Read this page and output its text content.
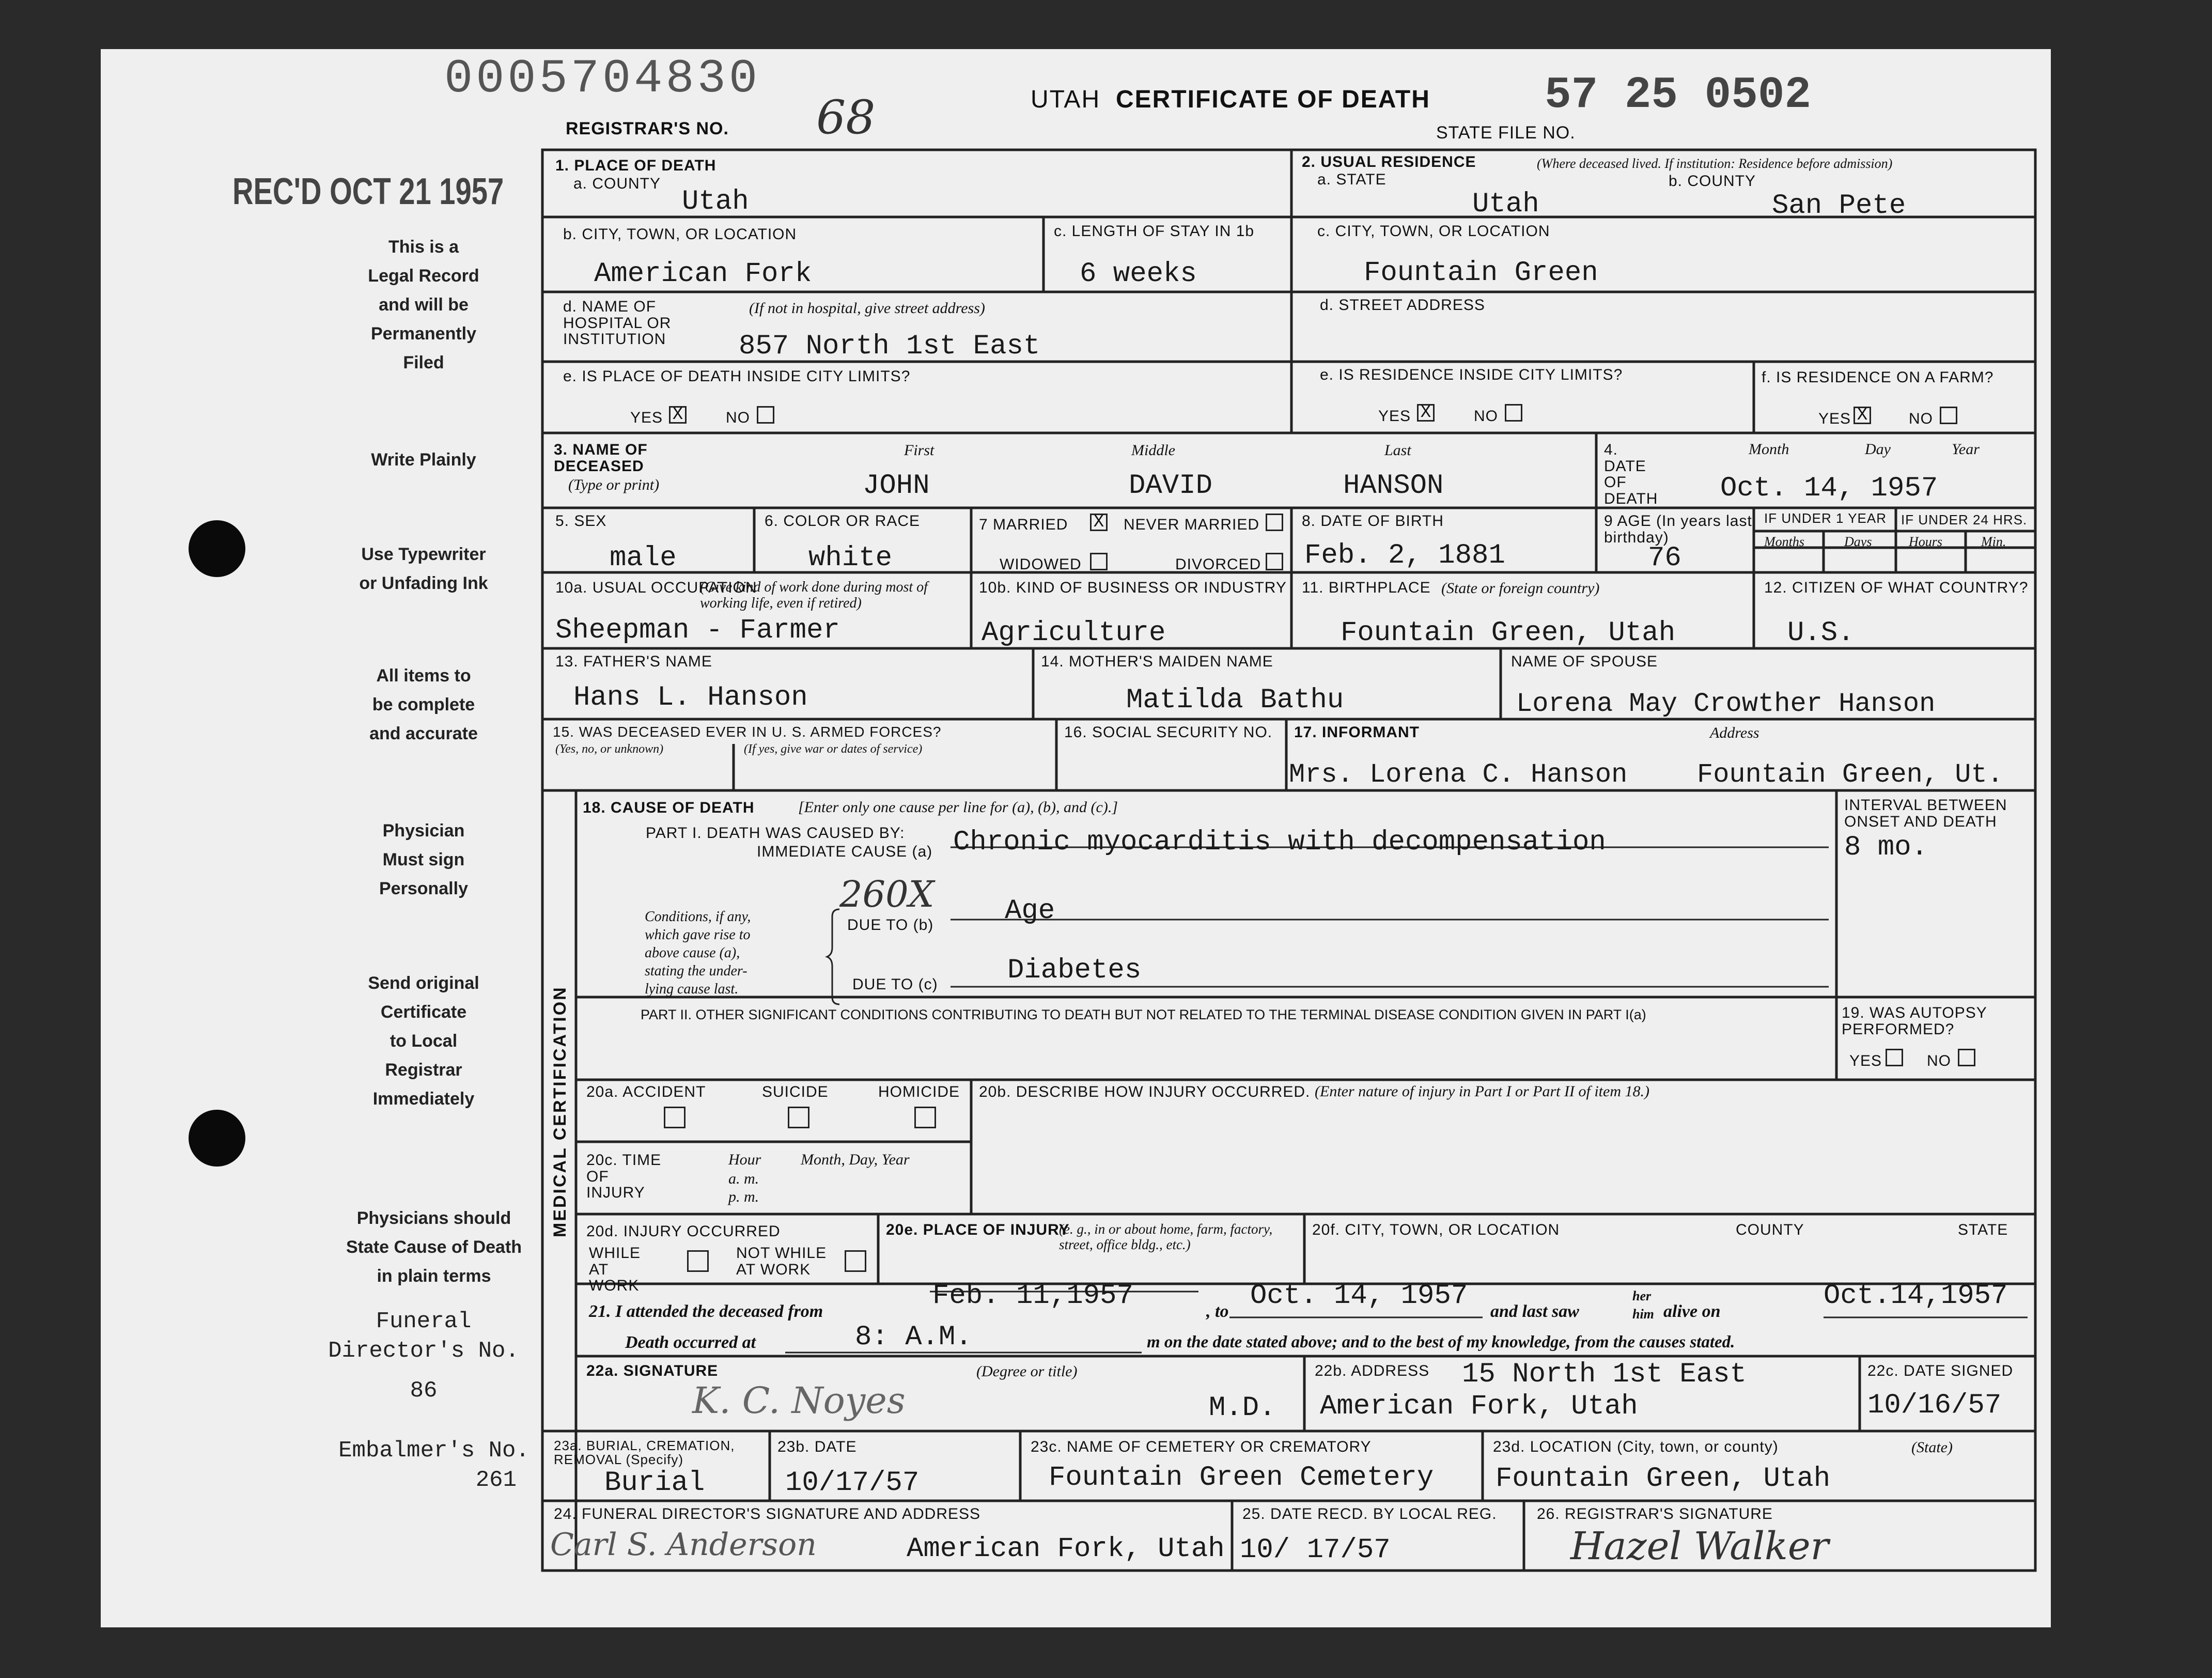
0005704830
REGISTRAR'S NO. 68	UTAH CERTIFICATE OF DEATH	57 25 0502
STATE FILE NO.
REC'D OCT 21 1957
This is a
Legal Record
and will be
Permanently
Filed
Write Plainly
Use Typewriter
or Unfading Ink
All items to
be complete
and accurate
Physician
Must sign
Personally
Send original
Certificate
to Local
Registrar
Immediately
Physicians should
State Cause of Death
in plain terms
Funeral
Director's No.
86
Embalmer's No.
261
1. PLACE OF DEATH
a. COUNTY
Utah
2. USUAL RESIDENCE	(Where deceased lived. If institution: Residence before admission)
a. STATE	b. COUNTY
Utah	San Pete
b. CITY, TOWN, OR LOCATION
American Fork
c. LENGTH OF STAY IN 1b
6 weeks
c. CITY, TOWN, OR LOCATION
Fountain Green
d. NAME OF HOSPITAL OR INSTITUTION
(If not in hospital, give street address)
857 North 1st East
d. STREET ADDRESS
e. IS PLACE OF DEATH INSIDE CITY LIMITS?
YES X	NO
e. IS RESIDENCE INSIDE CITY LIMITS?
YES X	NO
f. IS RESIDENCE ON A FARM?
YES X	NO
3. NAME OF DECEASED
(Type or print)
First	Middle	Last
JOHN	DAVID	HANSON
4. DATE OF DEATH
Month	Day	Year
Oct. 14, 1957
5. SEX
male
6. COLOR OR RACE
white
7 MARRIED X NEVER MARRIED
WIDOWED	DIVORCED
8. DATE OF BIRTH
Feb. 2, 1881
9 AGE (In years last birthday)
76
IF UNDER 1 YEAR IF UNDER 24 HRS.
Months	Days	Hours	Min.
10a. USUAL OCCUPATION
(Give kind of work done during most of working life, even if retired)
Sheepman - Farmer
10b. KIND OF BUSINESS OR INDUSTRY
Agriculture
11. BIRTHPLACE (State or foreign country)
Fountain Green, Utah
12. CITIZEN OF WHAT COUNTRY?
U.S.
13. FATHER'S NAME
Hans L. Hanson
14. MOTHER'S MAIDEN NAME
Matilda Bathu
NAME OF SPOUSE
Lorena May Crowther Hanson
15. WAS DECEASED EVER IN U. S. ARMED FORCES?
(Yes, no, or unknown)	(If yes, give war or dates of service)
16. SOCIAL SECURITY NO. 17. INFORMANT	Address
Mrs. Lorena C. Hanson	Fountain Green, Ut.
MEDICAL CERTIFICATION
18. CAUSE OF DEATH	[Enter only one cause per line for (a), (b), and (c).]
PART I. DEATH WAS CAUSED BY:
IMMEDIATE CAUSE (a) Chronic myocarditis with decompensation
INTERVAL BETWEEN ONSET AND DEATH
8 mo.
260X
Conditions, if any,
which gave rise to
above cause (a),
stating the under-
lying cause last.
DUE TO (b)	Age
DUE TO (c) Diabetes
PART II. OTHER SIGNIFICANT CONDITIONS CONTRIBUTING TO DEATH BUT NOT RELATED TO THE TERMINAL DISEASE CONDITION GIVEN IN PART I(a)	19. WAS AUTOPSY PERFORMED?
YES	NO
20a. ACCIDENT	SUICIDE	HOMICIDE 20b. DESCRIBE HOW INJURY OCCURRED. (Enter nature of injury in Part I or Part II of item 18.)
20c. TIME OF INJURY
Hour
a. m.
p. m.
Month, Day, Year
20d. INJURY OCCURRED
WHILE AT WORK
NOT WHILE AT WORK
20e. PLACE OF INJURY
(e. g., in or about home, farm, factory, street, office bldg., etc.)
20f. CITY, TOWN, OR LOCATION	COUNTY	STATE
21. I attended the deceased from	Feb. 11,1957	, to Oct. 14, 1957 and last saw
her
him alive on	Oct.14,1957
Death occurred at	8: A.M.	m on the date stated above; and to the best of my knowledge, from the causes stated.
22a. SIGNATURE	(Degree or title)
K. C. Noyes	M.D.
22b. ADDRESS 15 North 1st East
American Fork, Utah
22c. DATE SIGNED
10/16/57
23a. BURIAL, CREMATION, REMOVAL (Specify)
Burial
23b. DATE
10/17/57
23c. NAME OF CEMETERY OR CREMATORY
Fountain Green Cemetery
23d. LOCATION (City, town, or county)	(State)
Fountain Green, Utah
24. FUNERAL DIRECTOR'S SIGNATURE AND ADDRESS
Carl S. Anderson	American Fork, Utah
25. DATE RECD. BY LOCAL REG.
10/ 17/57
26. REGISTRAR'S SIGNATURE
Hazel Walker
